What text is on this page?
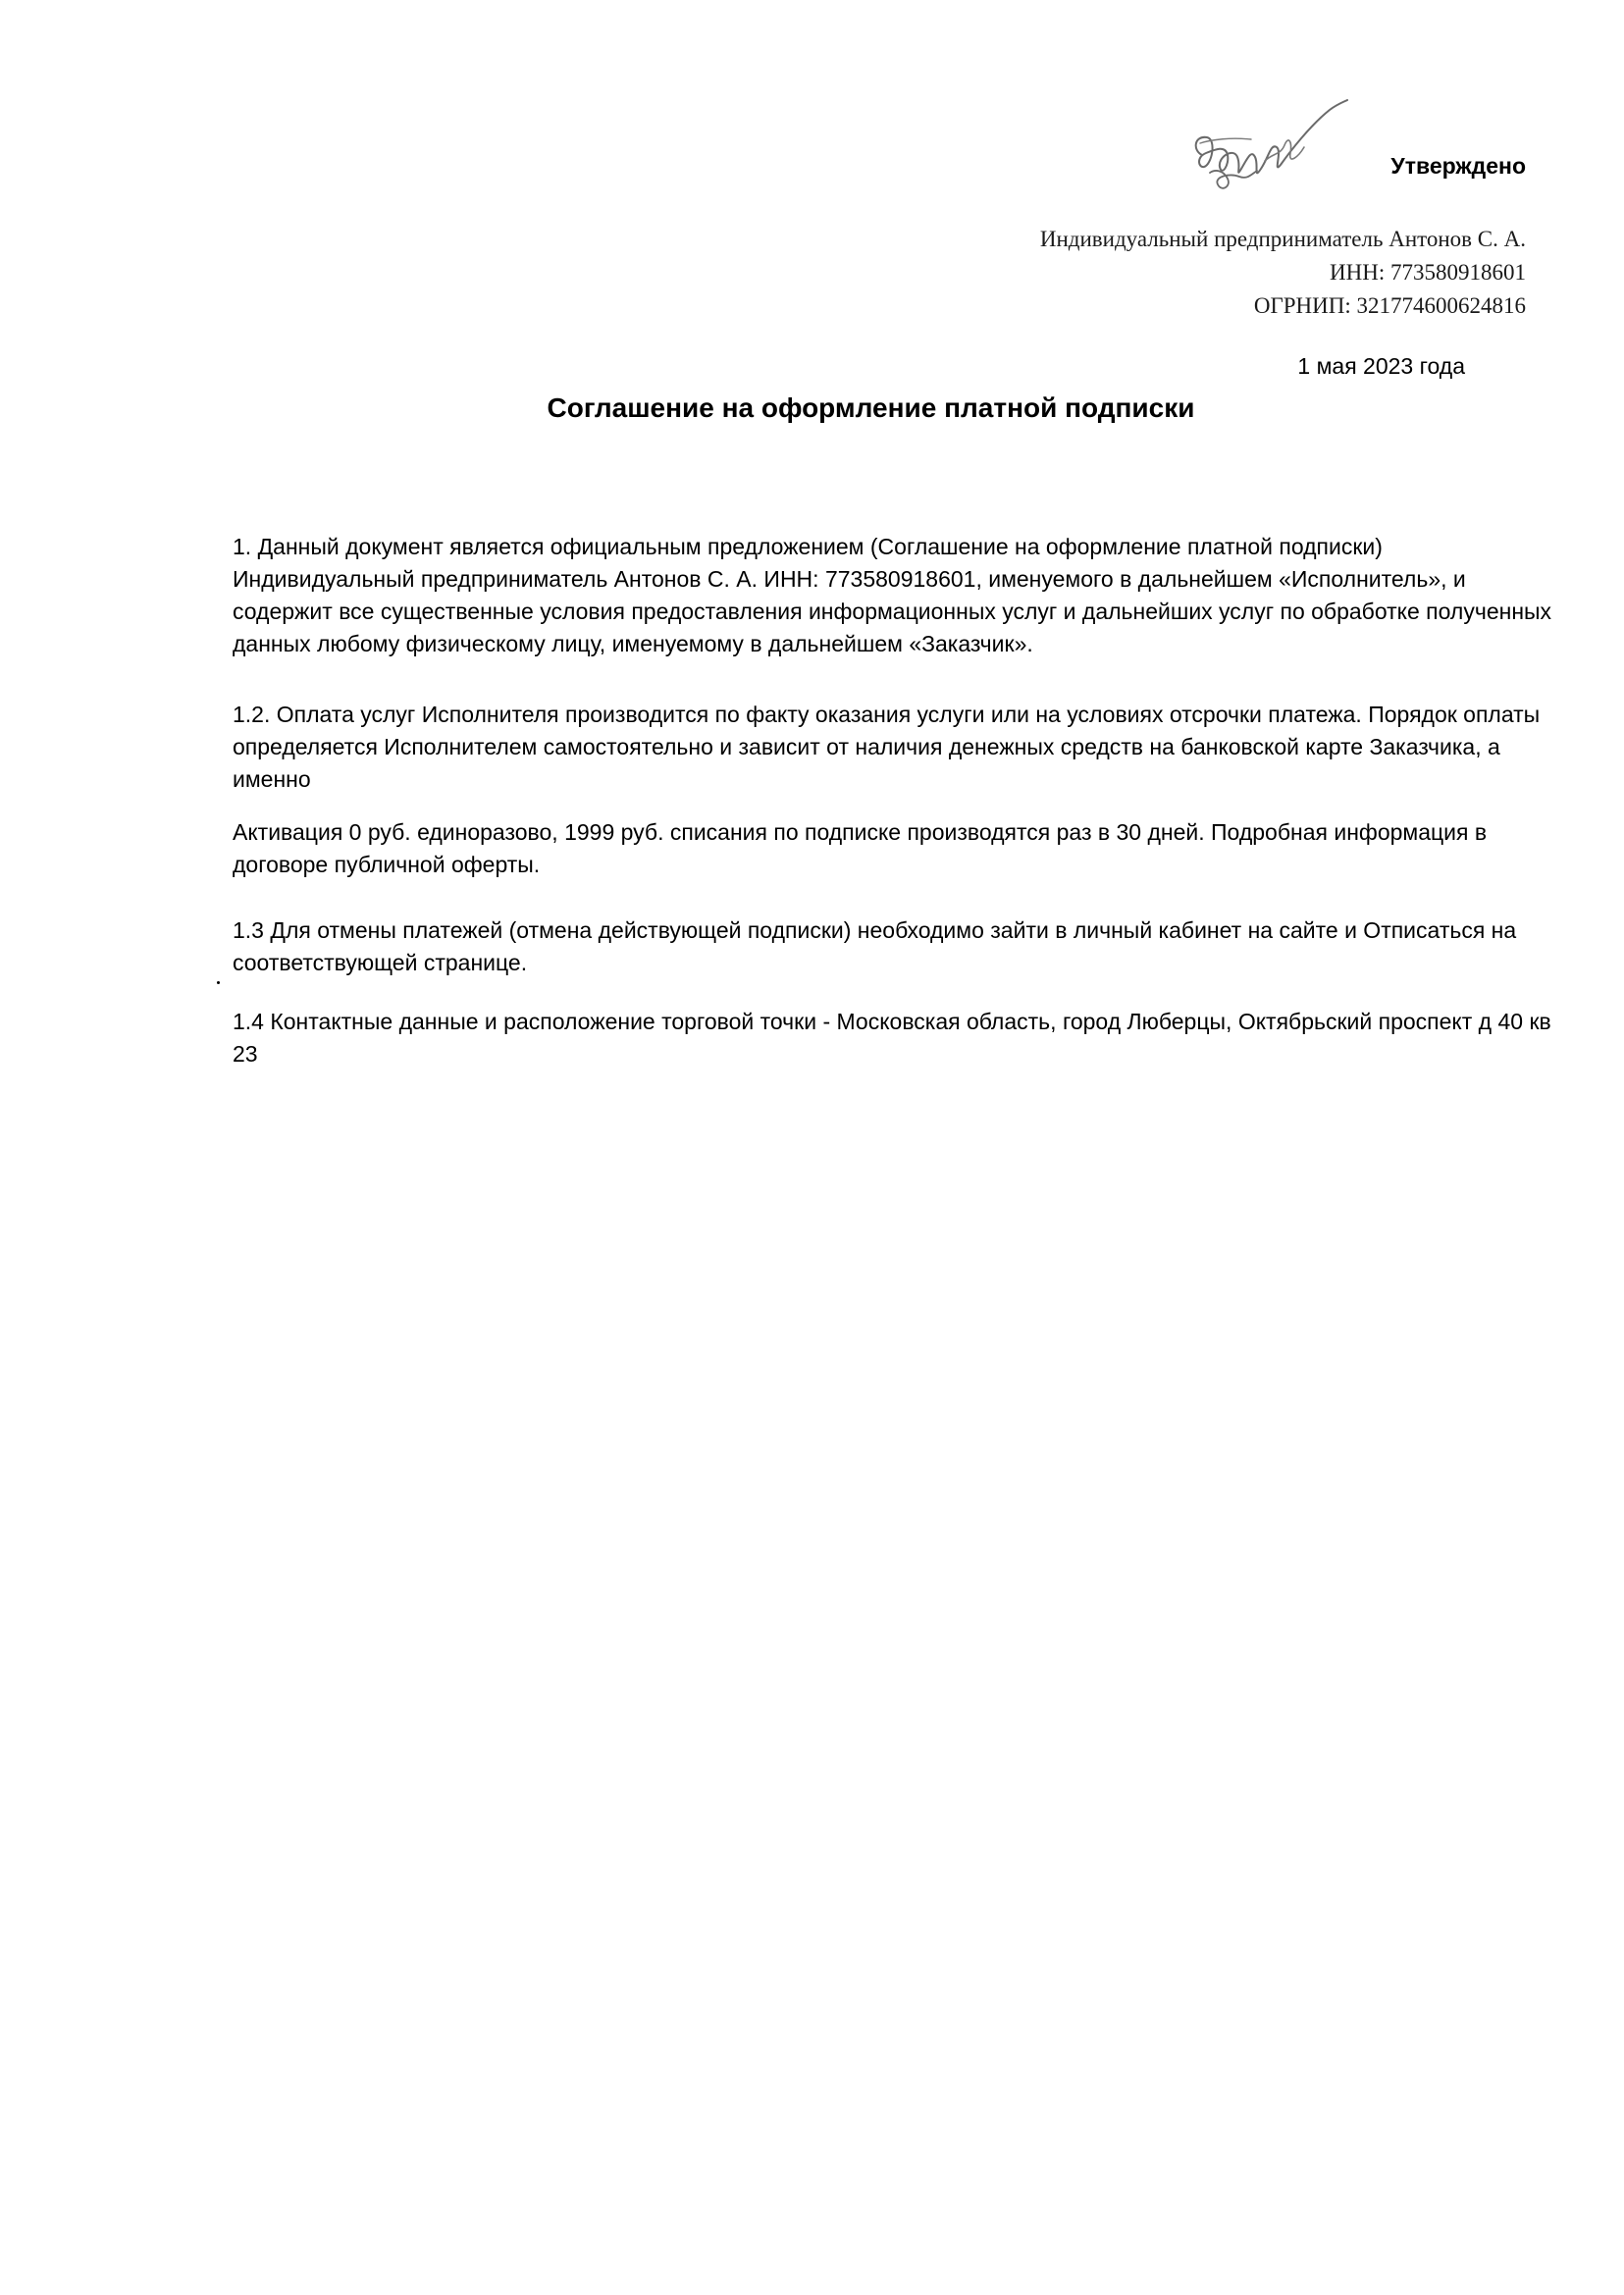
Утверждено
Индивидуальный предприниматель Антонов С. А.
ИНН: 773580918601
ОГРНИП: 321774600624816
1 мая 2023 года
Соглашение на оформление платной подписки

1. Данный документ является официальным предложением (Соглашение на оформление платной подписки) Индивидуальный предприниматель Антонов С. А. ИНН: 773580918601, именуемого в дальнейшем «Исполнитель», и содержит все существенные условия предоставления информационных услуг и дальнейших услуг по обработке полученных данных любому физическому лицу, именуемому в дальнейшем «Заказчик».

1.2. Оплата услуг Исполнителя производится по факту оказания услуги или на условиях отсрочки платежа. Порядок оплаты определяется Исполнителем самостоятельно и зависит от наличия денежных средств на банковской карте Заказчика, а именно

Активация 0 руб. единоразово, 1999 руб. списания по подписке производятся раз в 30 дней. Подробная информация в договоре публичной оферты.

1.3 Для отмены платежей (отмена действующей подписки) необходимо зайти в личный кабинет на сайте и Отписаться на соответствующей странице.

1.4 Контактные данные и расположение торговой точки - Московская область, город Люберцы, Октябрьский проспект д 40 кв 23
